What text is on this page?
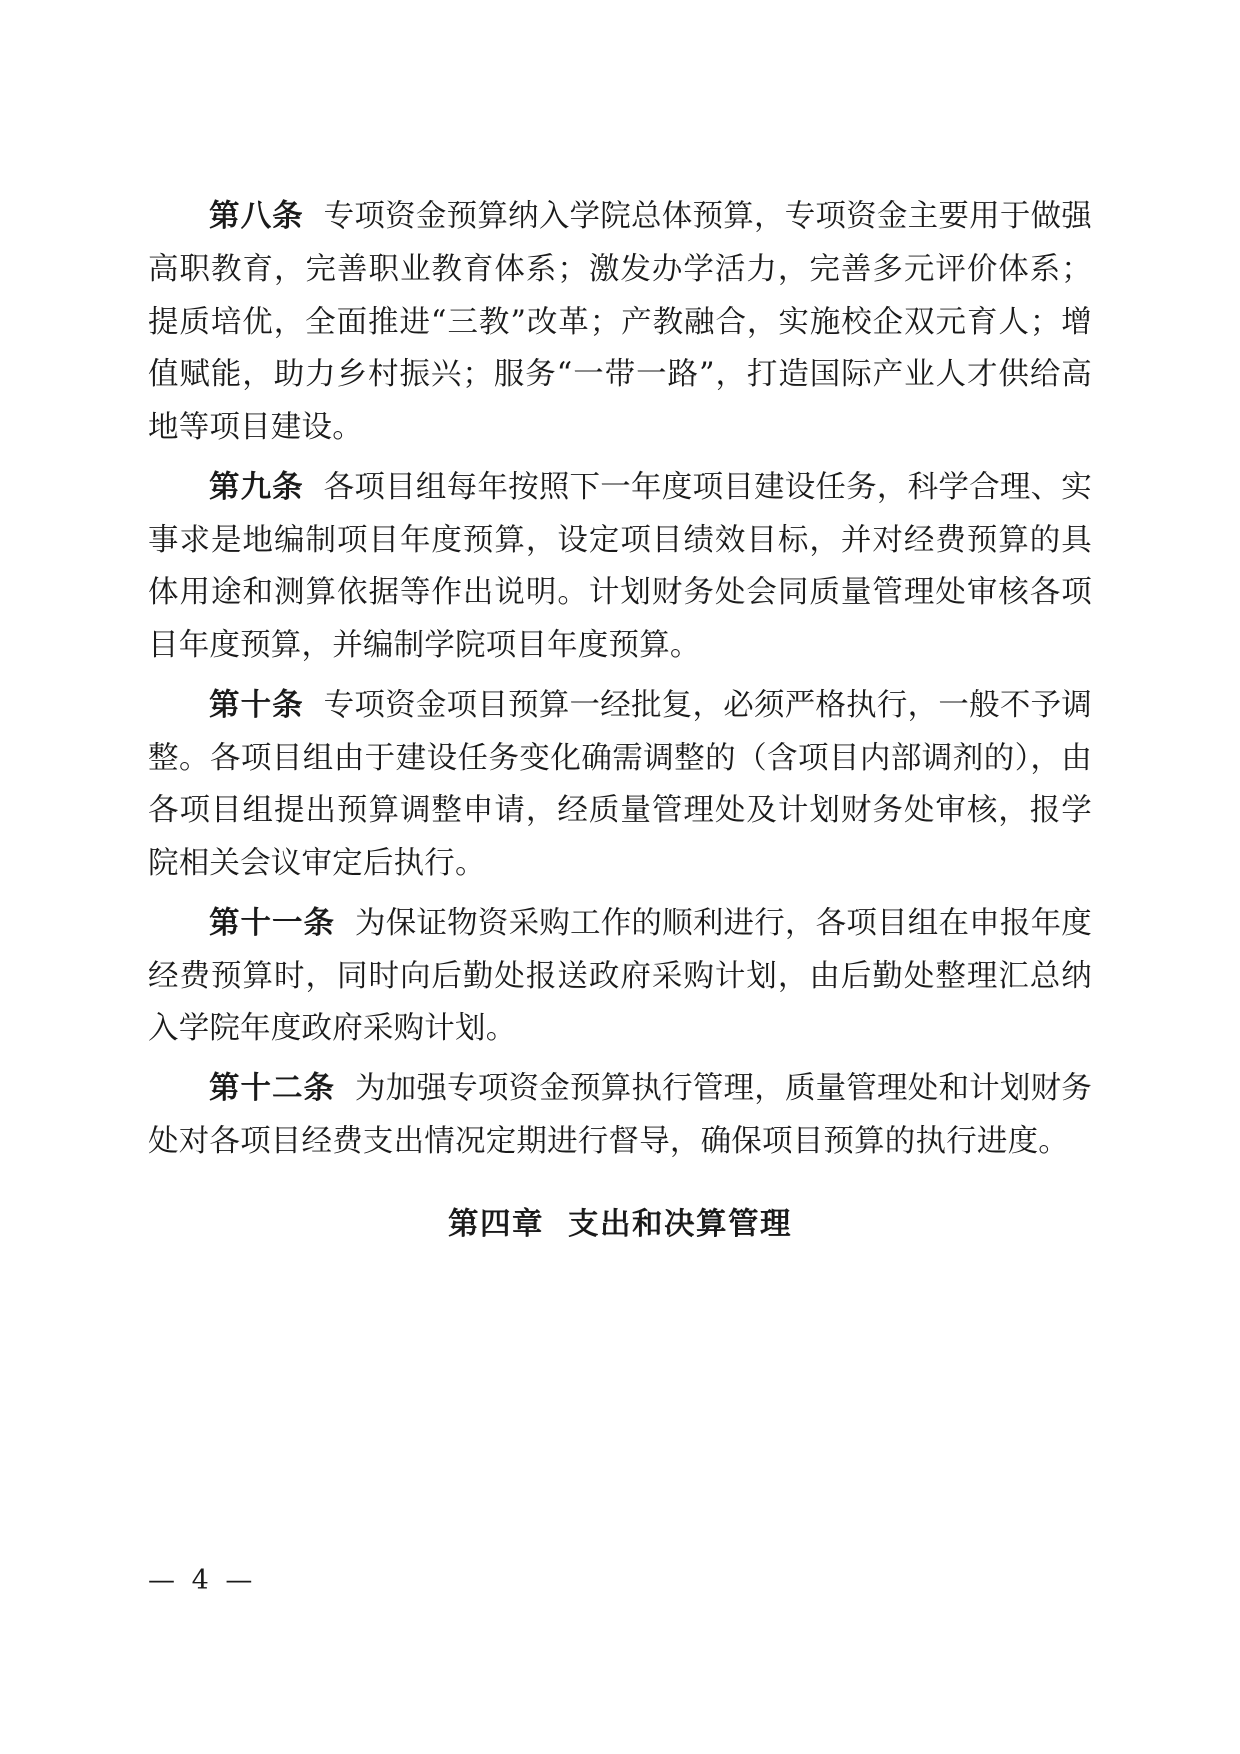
第八条 专项资金预算纳入学院总体预算，专项资金主要用于做强高职教育，完善职业教育体系；激发办学活力，完善多元评价体系；提质培优，全面推进“三教”改革；产教融合，实施校企双元育人；增值赋能，助力乡村振兴；服务“一带一路”，打造国际产业人才供给高地等项目建设。

第九条 各项目组每年按照下一年度项目建设任务，科学合理、实事求是地编制项目年度预算，设定项目绩效目标，并对经费预算的具体用途和测算依据等作出说明。计划财务处会同质量管理处审核各项目年度预算，并编制学院项目年度预算。

第十条 专项资金项目预算一经批复，必须严格执行，一般不予调整。各项目组由于建设任务变化确需调整的（含项目内部调剂的），由各项目组提出预算调整申请，经质量管理处及计划财务处审核，报学院相关会议审定后执行。

第十一条 为保证物资采购工作的顺利进行，各项目组在申报年度经费预算时，同时向后勤处报送政府采购计划，由后勤处整理汇总纳入学院年度政府采购计划。

第十二条 为加强专项资金预算执行管理，质量管理处和计划财务处对各项目经费支出情况定期进行督导，确保项目预算的执行进度。

第四章 支出和决算管理
— 4 —
